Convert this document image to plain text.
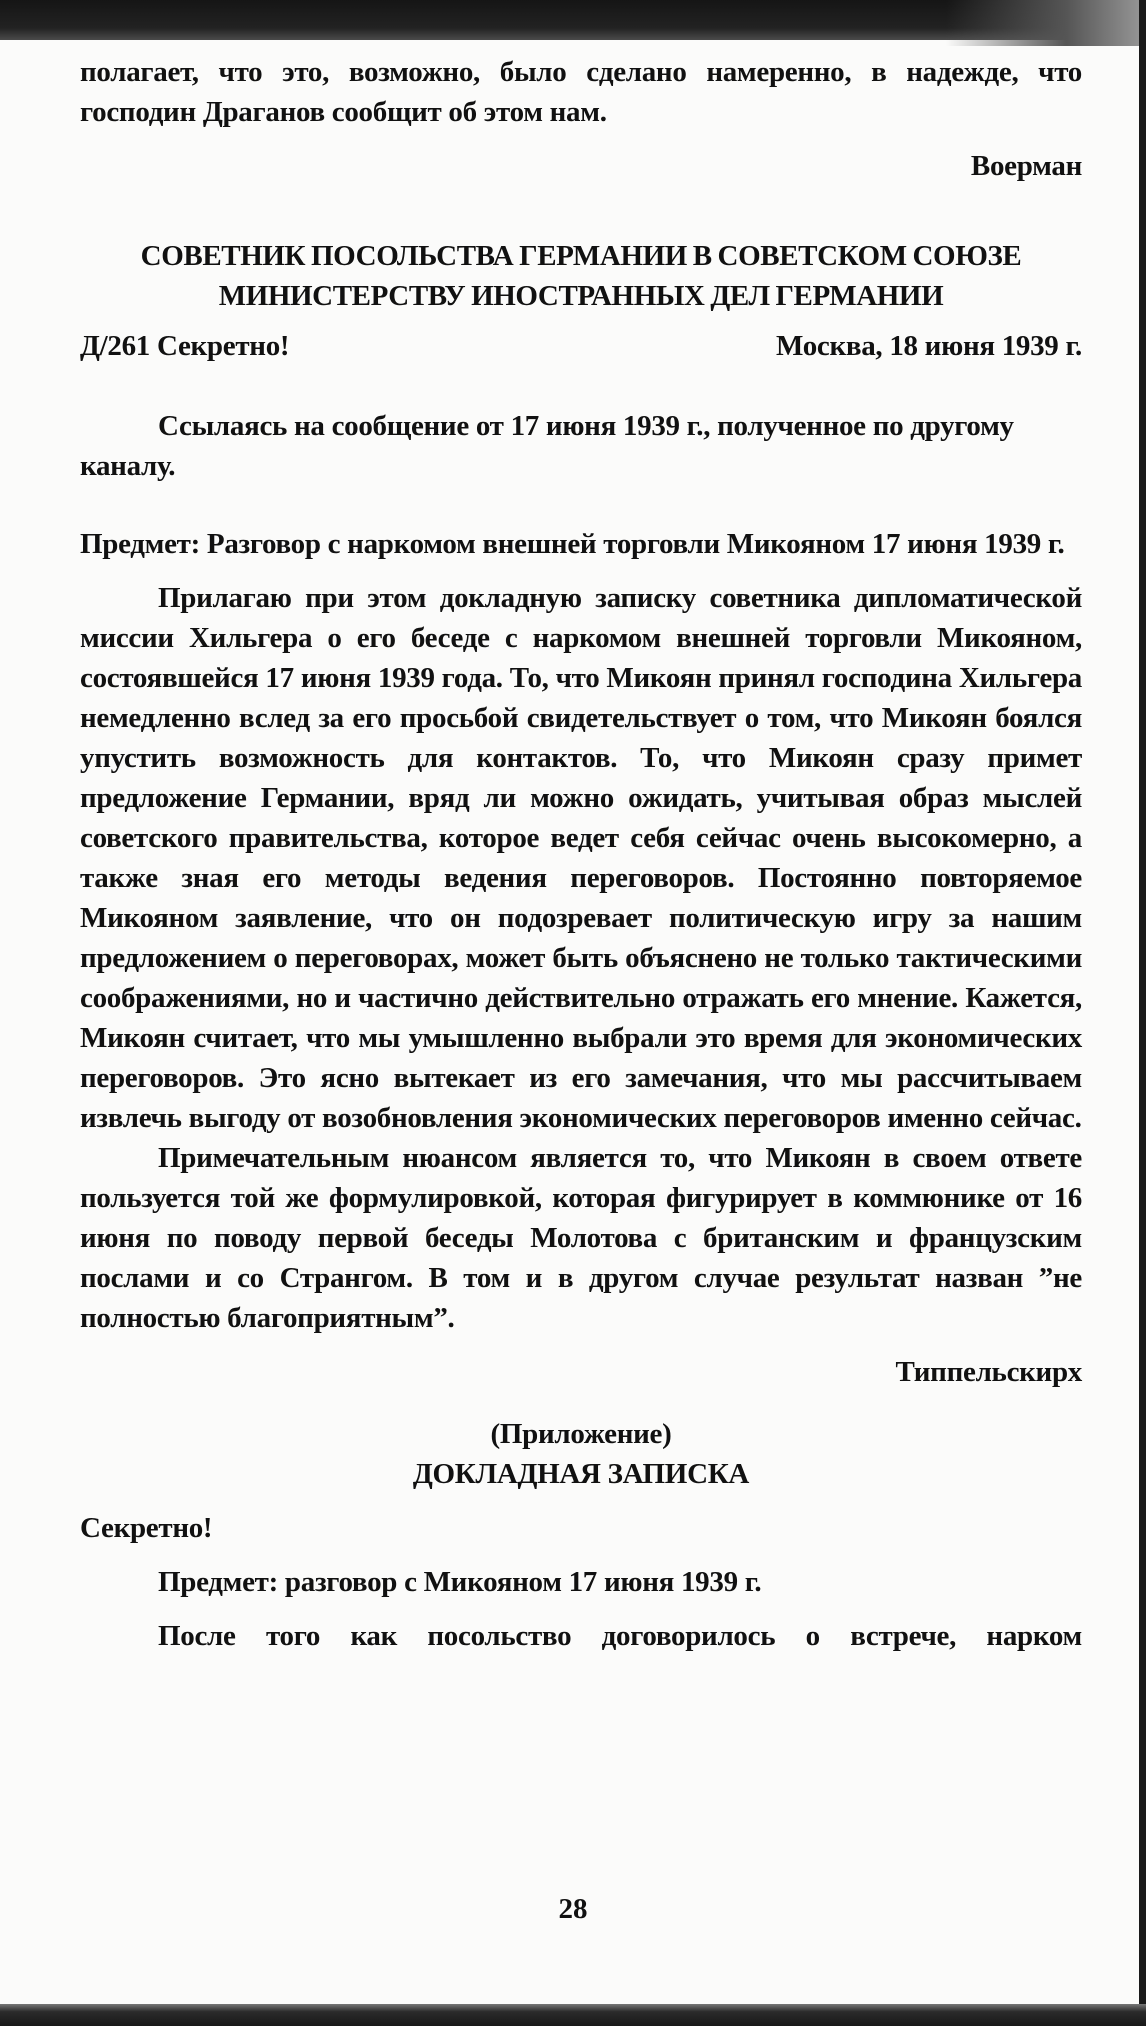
полагает, что это, возможно, было сделано намеренно, в надежде, что господин Драганов сообщит об этом нам.

Воерман

СОВЕТНИК ПОСОЛЬСТВА ГЕРМАНИИ В СОВЕТСКОМ СОЮЗЕ МИНИСТЕРСТВУ ИНОСТРАННЫХ ДЕЛ ГЕРМАНИИ

Д/261 Секретно!	Москва, 18 июня 1939 г.

Ссылаясь на сообщение от 17 июня 1939 г., полученное по другому каналу.

Предмет: Разговор с наркомом внешней торговли Микояном 17 июня 1939 г.

Прилагаю при этом докладную записку советника дипломатической миссии Хильгера о его беседе с наркомом внешней торговли Микояном, состоявшейся 17 июня 1939 года. То, что Микоян принял господина Хильгера немедленно вслед за его просьбой свидетельствует о том, что Микоян боялся упустить возможность для контактов. То, что Микоян сразу примет предложение Германии, вряд ли можно ожидать, учитывая образ мыслей советского правительства, которое ведет себя сейчас очень высокомерно, а также зная его методы ведения переговоров. Постоянно повторяемое Микояном заявление, что он подозревает политическую игру за нашим предложением о переговорах, может быть объяснено не только тактическими соображениями, но и частично действительно отражать его мнение. Кажется, Микоян считает, что мы умышленно выбрали это время для экономических переговоров. Это ясно вытекает из его замечания, что мы рассчитываем извлечь выгоду от возобновления экономических переговоров именно сейчас.

Примечательным нюансом является то, что Микоян в своем ответе пользуется той же формулировкой, которая фигурирует в коммюнике от 16 июня по поводу первой беседы Молотова с британским и французским послами и со Странгом. В том и в другом случае результат назван ”не полностью благоприятным”.

Типпельскирх

(Приложение)

ДОКЛАДНАЯ ЗАПИСКА

Секретно!

Предмет: разговор с Микояном 17 июня 1939 г.

После того как посольство договорилось о встрече, нарком

28
